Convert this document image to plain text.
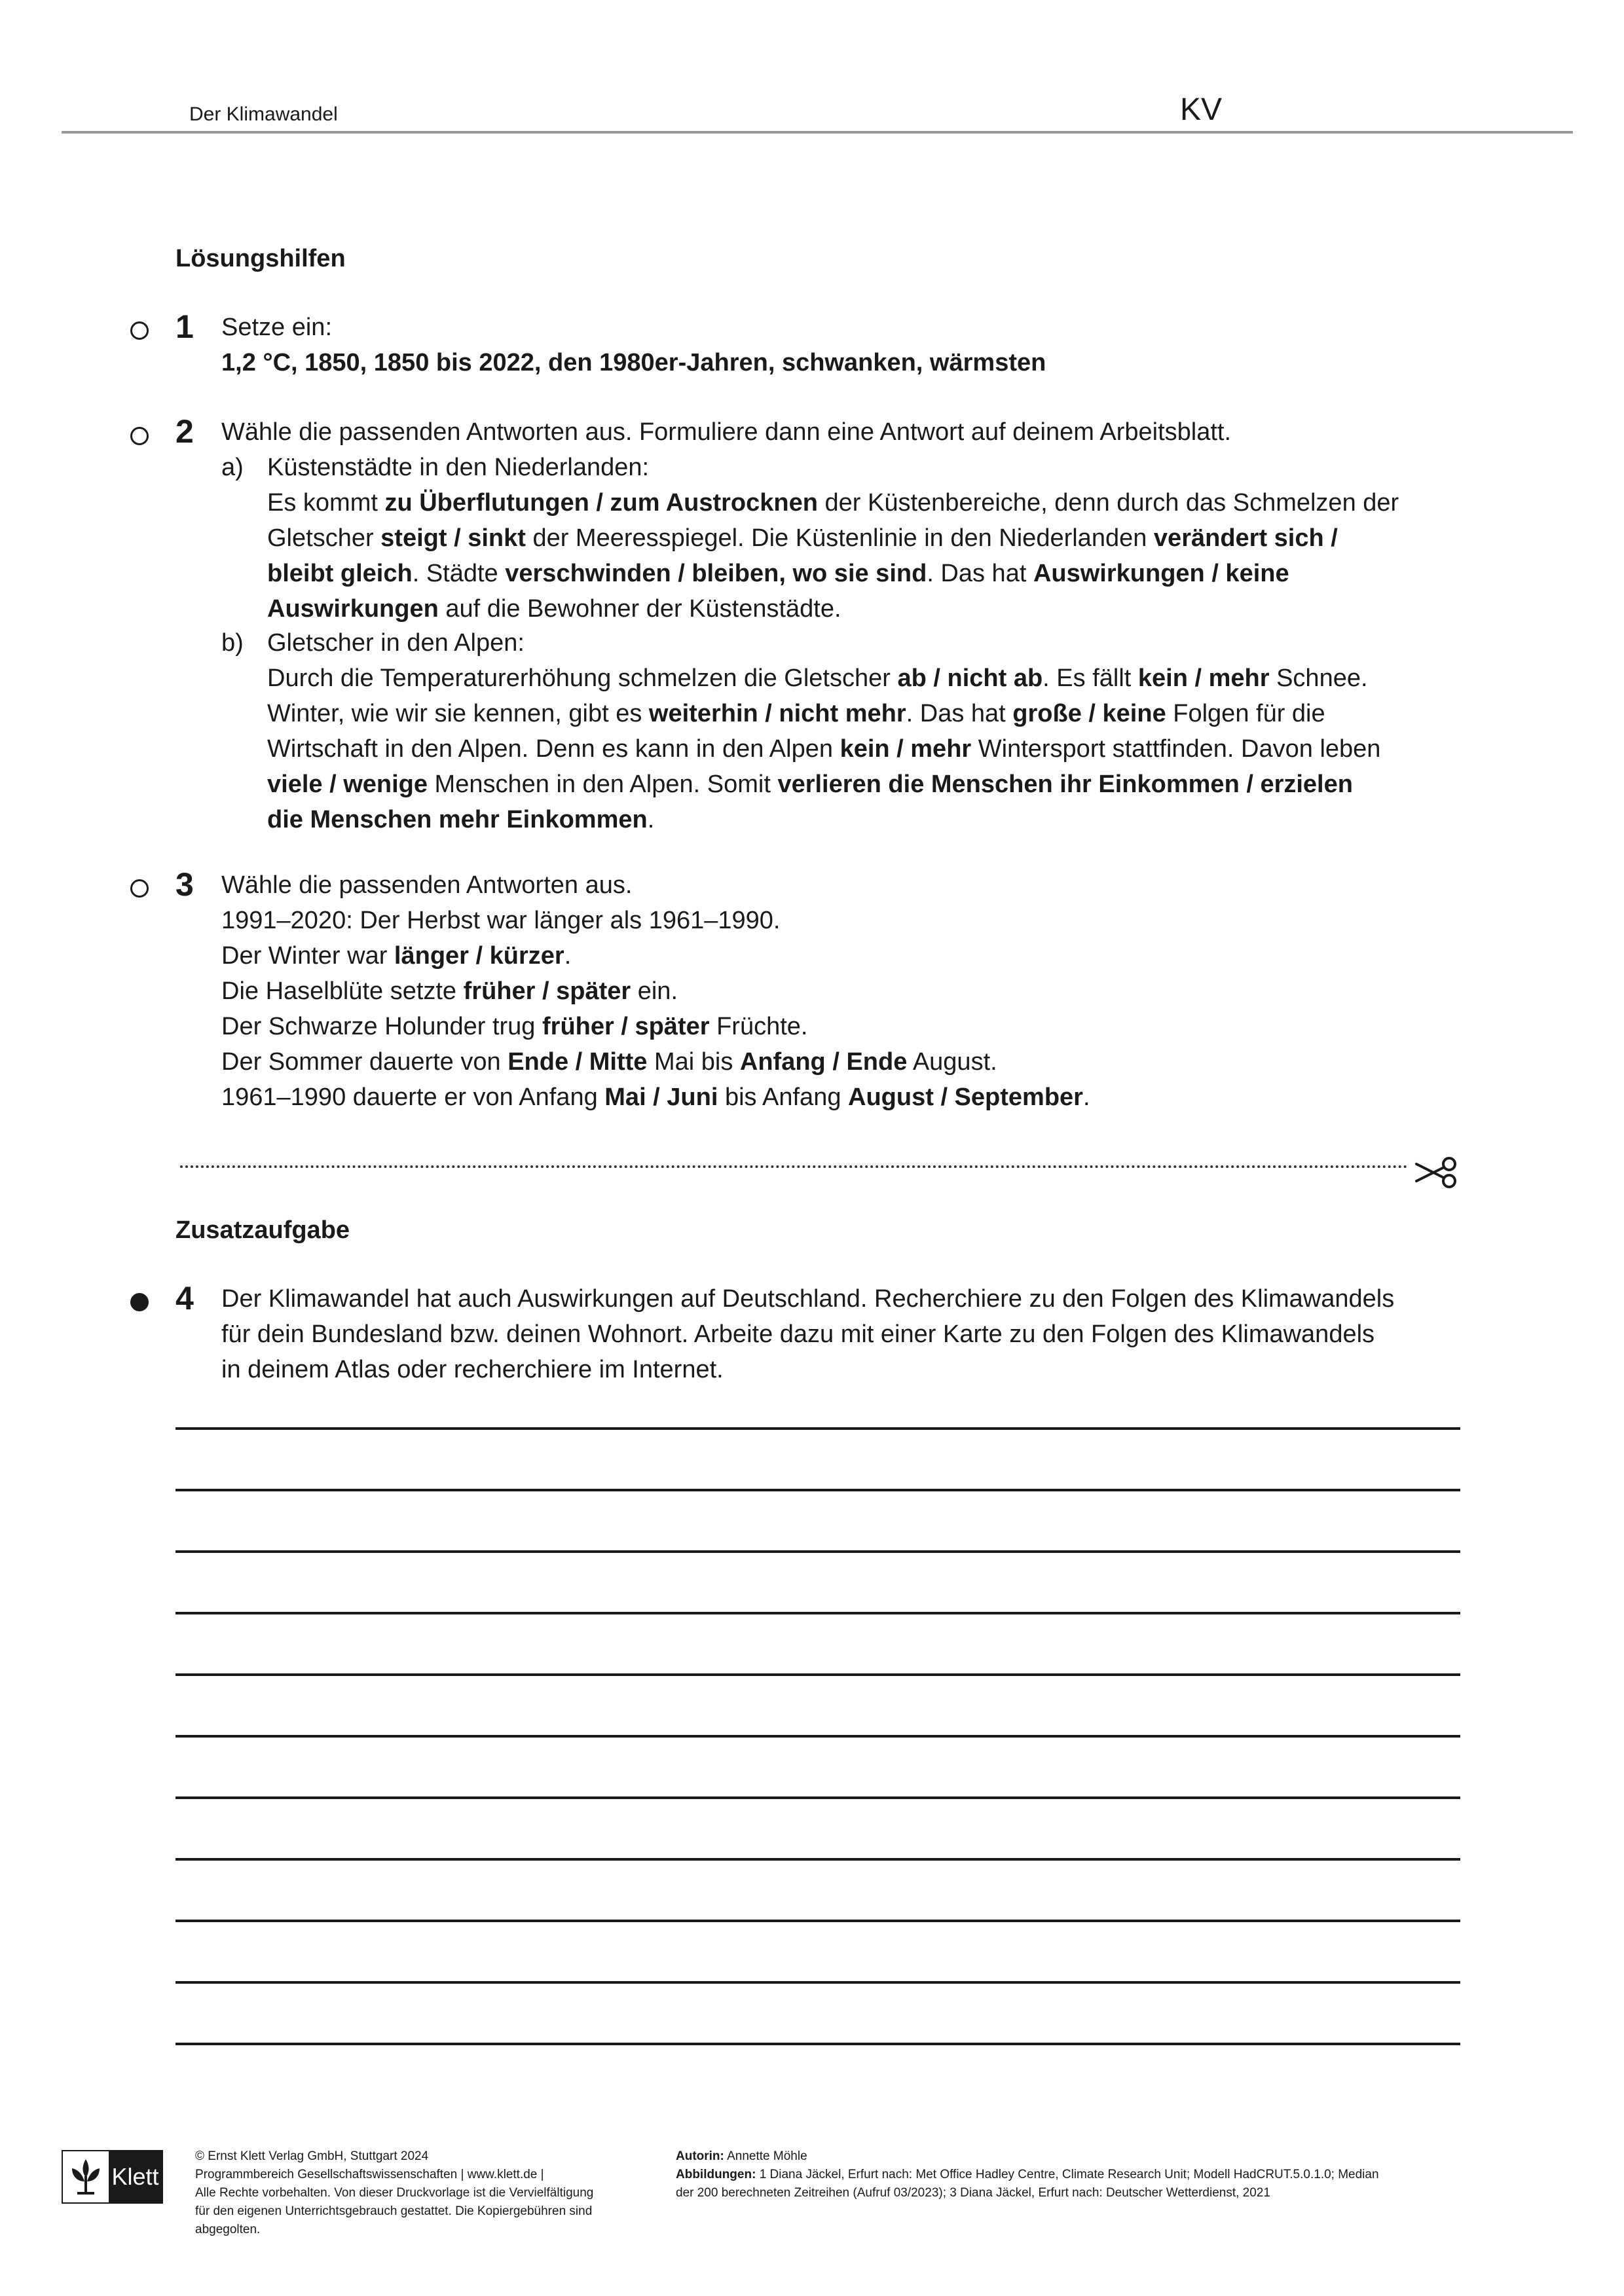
Der Klimawandel	KV
Lösungshilfen
1 Setze ein:

1,2 °C, 1850, 1850 bis 2022, den 1980er-Jahren, schwanken, wärmsten

2 Wähle die passenden Antworten aus. Formuliere dann eine Antwort auf deinem Arbeitsblatt.

a) Küstenstädte in den Niederlanden:

Es kommt zu Überflutungen / zum Austrocknen der Küstenbereiche, denn durch das Schmelzen der

Gletscher steigt / sinkt der Meeresspiegel. Die Küstenlinie in den Niederlanden verändert sich /

bleibt gleich. Städte verschwinden / bleiben, wo sie sind. Das hat Auswirkungen / keine

Auswirkungen auf die Bewohner der Küstenstädte.

b) Gletscher in den Alpen:

Durch die Temperaturerhöhung schmelzen die Gletscher ab / nicht ab. Es fällt kein / mehr Schnee.

Winter, wie wir sie kennen, gibt es weiterhin / nicht mehr. Das hat große / keine Folgen für die

Wirtschaft in den Alpen. Denn es kann in den Alpen kein / mehr Wintersport stattfinden. Davon leben

viele / wenige Menschen in den Alpen. Somit verlieren die Menschen ihr Einkommen / erzielen

die Menschen mehr Einkommen.

3 Wähle die passenden Antworten aus.

1991–2020: Der Herbst war länger als 1961–1990.

Der Winter war länger / kürzer.

Die Haselblüte setzte früher / später ein.

Der Schwarze Holunder trug früher / später Früchte.

Der Sommer dauerte von Ende / Mitte Mai bis Anfang / Ende August.

1961–1990 dauerte er von Anfang Mai / Juni bis Anfang August / September.

Zusatzaufgabe
4 Der Klimawandel hat auch Auswirkungen auf Deutschland. Recherchiere zu den Folgen des Klimawandels

für dein Bundesland bzw. deinen Wohnort. Arbeite dazu mit einer Karte zu den Folgen des Klimawandels

in deinem Atlas oder recherchiere im Internet.

Klett
© Ernst Klett Verlag GmbH, Stuttgart 2024
Programmbereich Gesellschaftswissenschaften | www.klett.de |
Alle Rechte vorbehalten. Von dieser Druckvorlage ist die Vervielfältigung
für den eigenen Unterrichtsgebrauch gestattet. Die Kopiergebühren sind
abgegolten.
Autorin: Annette Möhle
Abbildungen: 1 Diana Jäckel, Erfurt nach: Met Office Hadley Centre, Climate Research Unit; Modell HadCRUT.5.0.1.0; Median
der 200 berechneten Zeitreihen (Aufruf 03/2023); 3 Diana Jäckel, Erfurt nach: Deutscher Wetterdienst, 2021
